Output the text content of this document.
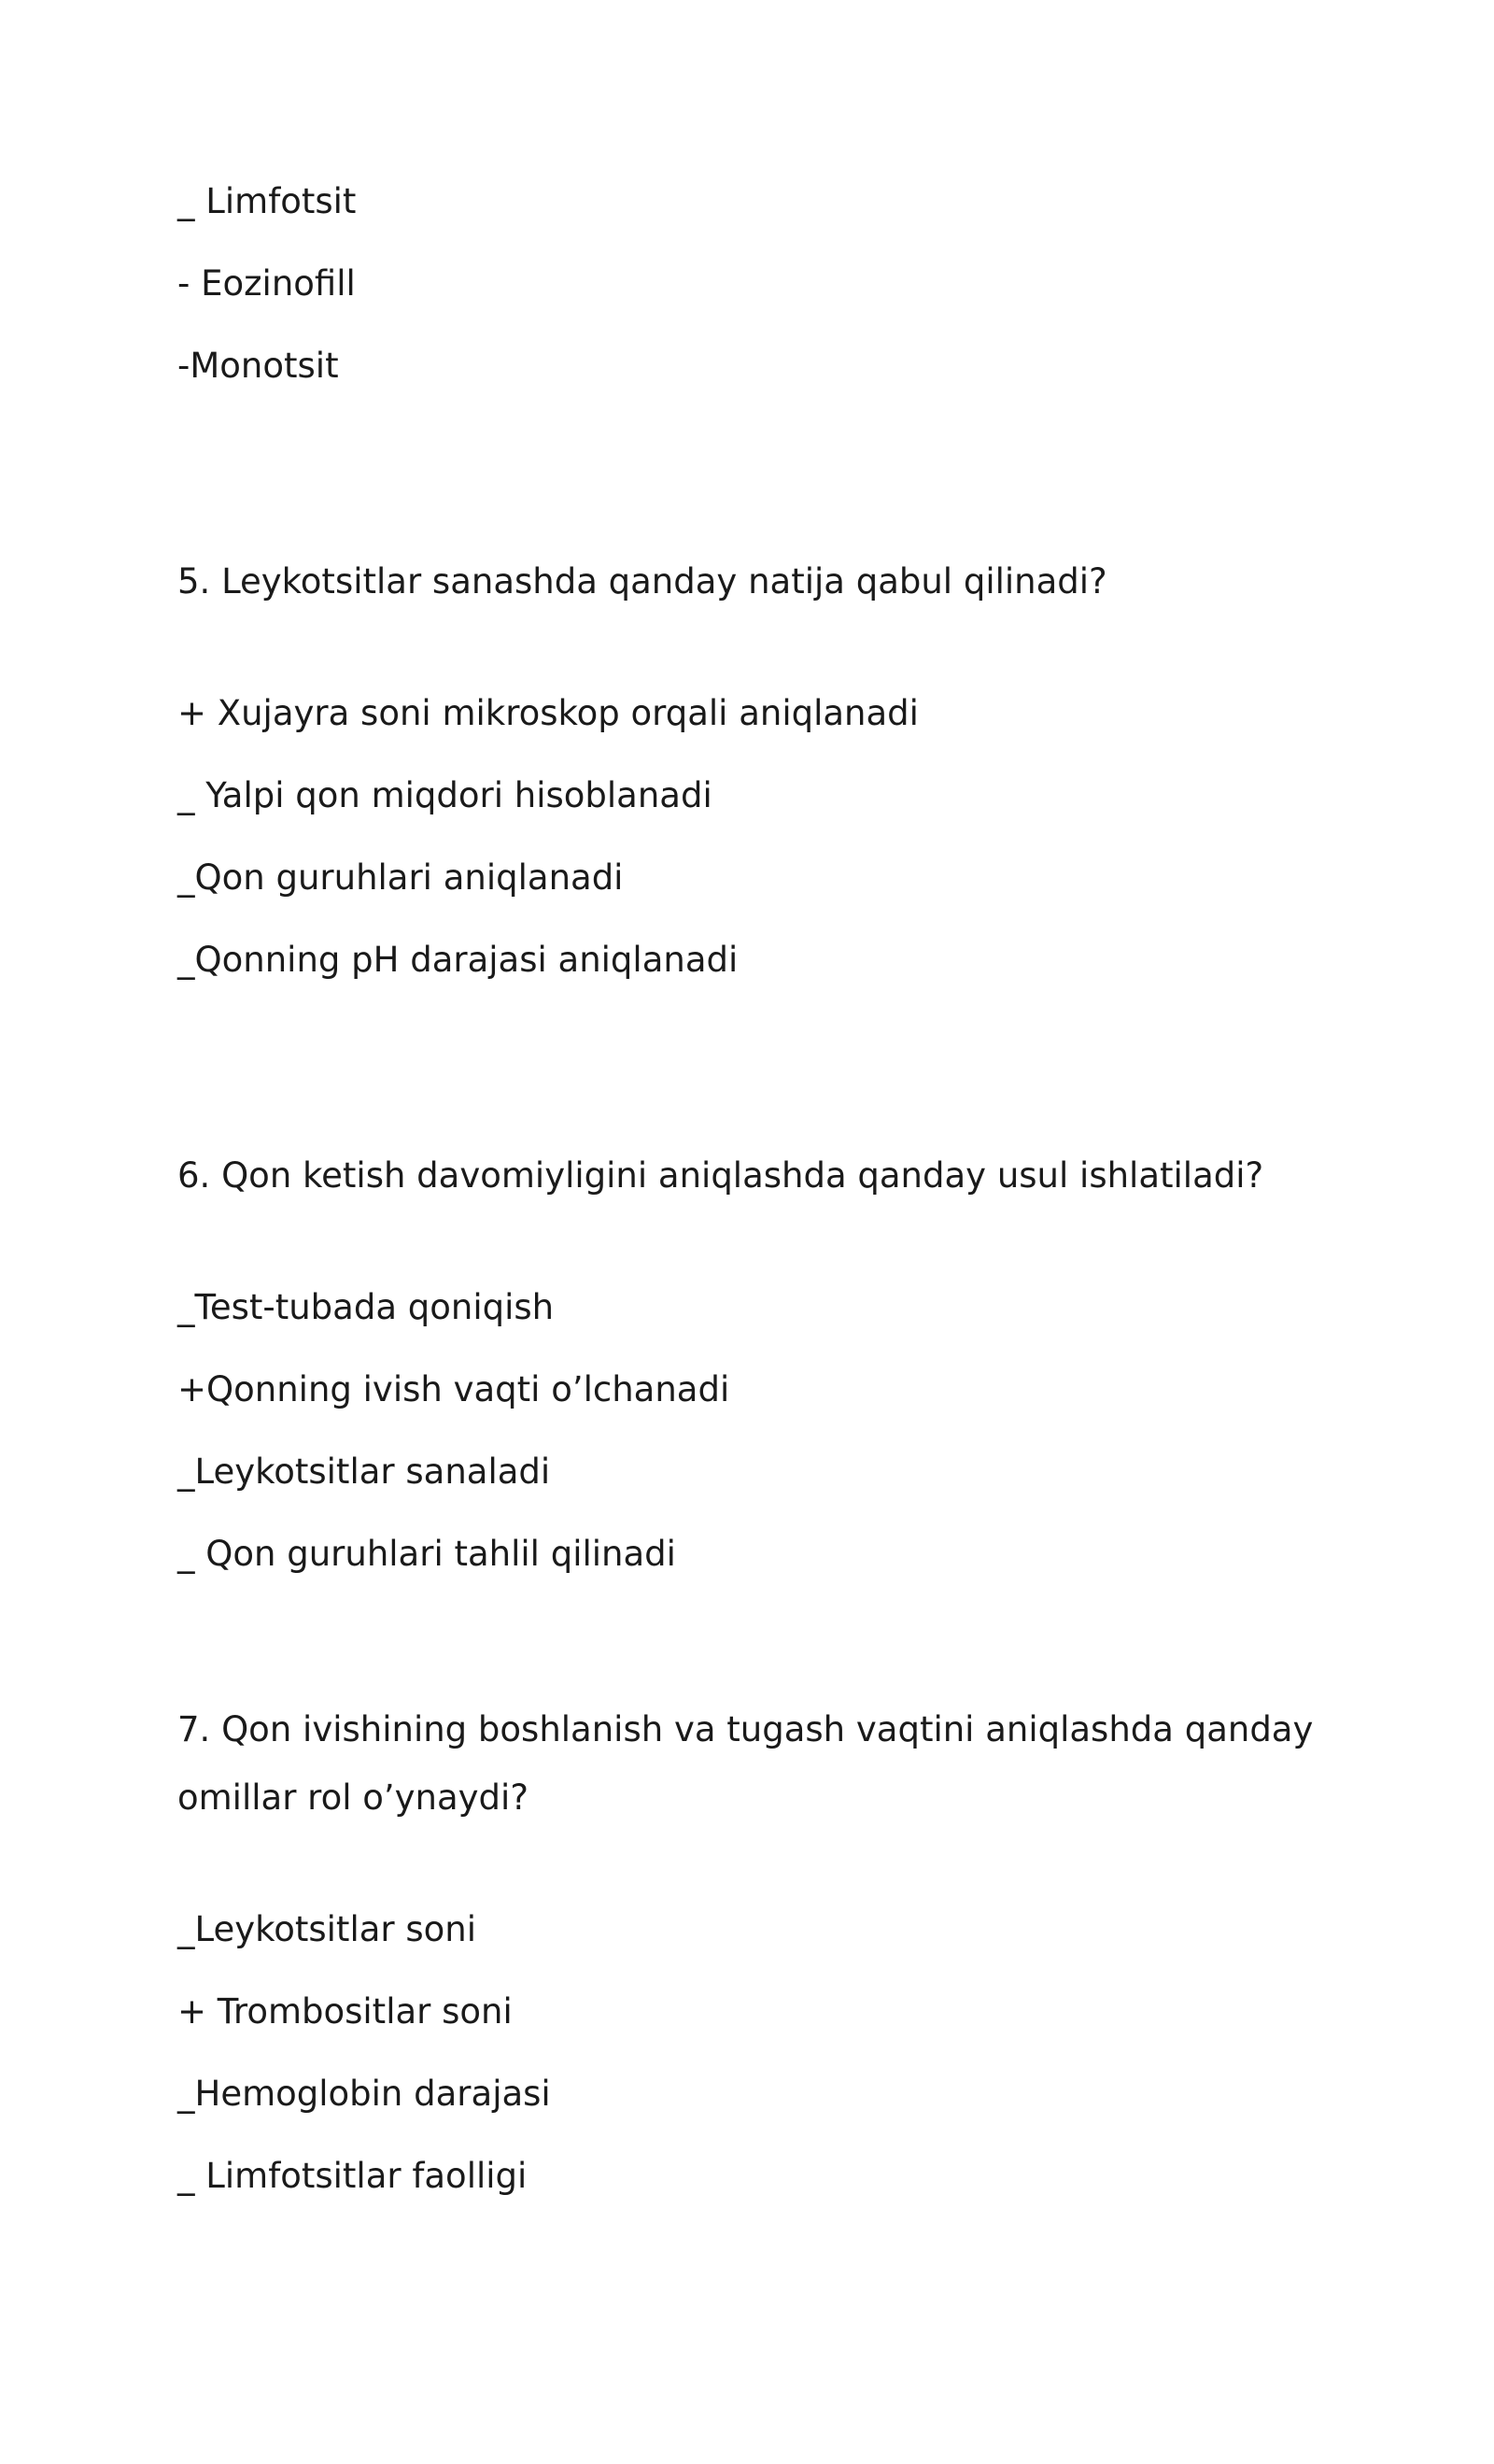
_ Limfotsit
- Eozinofill
-Monotsit
5. Leykotsitlar sanashda qanday natija qabul qilinadi?
+ Xujayra soni mikroskop orqali aniqlanadi
_ Yalpi qon miqdori hisoblanadi
_Qon guruhlari aniqlanadi
_Qonning pH darajasi aniqlanadi
6. Qon ketish davomiyligini aniqlashda qanday usul ishlatiladi?
_Test-tubada qoniqish
+Qonning ivish vaqti o’lchanadi
_Leykotsitlar sanaladi
_ Qon guruhlari tahlil qilinadi
7. Qon ivishining boshlanish va tugash vaqtini aniqlashda qanday
omillar rol o’ynaydi?
_Leykotsitlar soni
+ Trombositlar soni
_Hemoglobin darajasi
_ Limfotsitlar faolligi
